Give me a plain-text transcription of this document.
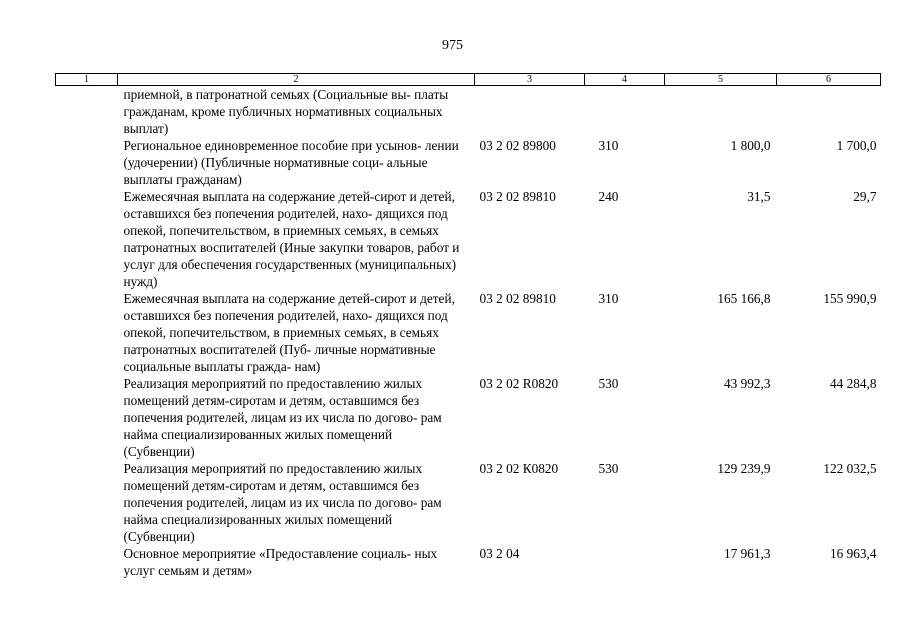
975
1	2	3	4	5	6
	приемной, в патронатной семьях (Социальные вы- платы гражданам, кроме публичных нормативных социальных выплат)				
	Региональное единовременное пособие при усынов- лении (удочерении) (Публичные нормативные соци- альные выплаты гражданам)	03 2 02 89800	310	1 800,0	1 700,0
	Ежемесячная выплата на содержание детей-сирот и детей, оставшихся без попечения родителей, нахо- дящихся под опекой, попечительством, в приемных семьях, в семьях патронатных воспитателей (Иные закупки товаров, работ и услуг для обеспечения государственных (муниципальных) нужд)	03 2 02 89810	240	31,5	29,7
	Ежемесячная выплата на содержание детей-сирот и детей, оставшихся без попечения родителей, нахо- дящихся под опекой, попечительством, в приемных семьях, в семьях патронатных воспитателей (Пуб- личные нормативные социальные выплаты гражда- нам)	03 2 02 89810	310	165 166,8	155 990,9
	Реализация мероприятий по предоставлению жилых помещений детям-сиротам и детям, оставшимся без попечения родителей, лицам из их числа по догово- рам найма специализированных жилых помещений (Субвенции)	03 2 02 R0820	530	43 992,3	44 284,8
	Реализация мероприятий по предоставлению жилых помещений детям-сиротам и детям, оставшимся без попечения родителей, лицам из их числа по догово- рам найма специализированных жилых помещений (Субвенции)	03 2 02 К0820	530	129 239,9	122 032,5
	Основное мероприятие «Предоставление социаль- ных услуг семьям и детям»	03 2 04		17 961,3	16 963,4
